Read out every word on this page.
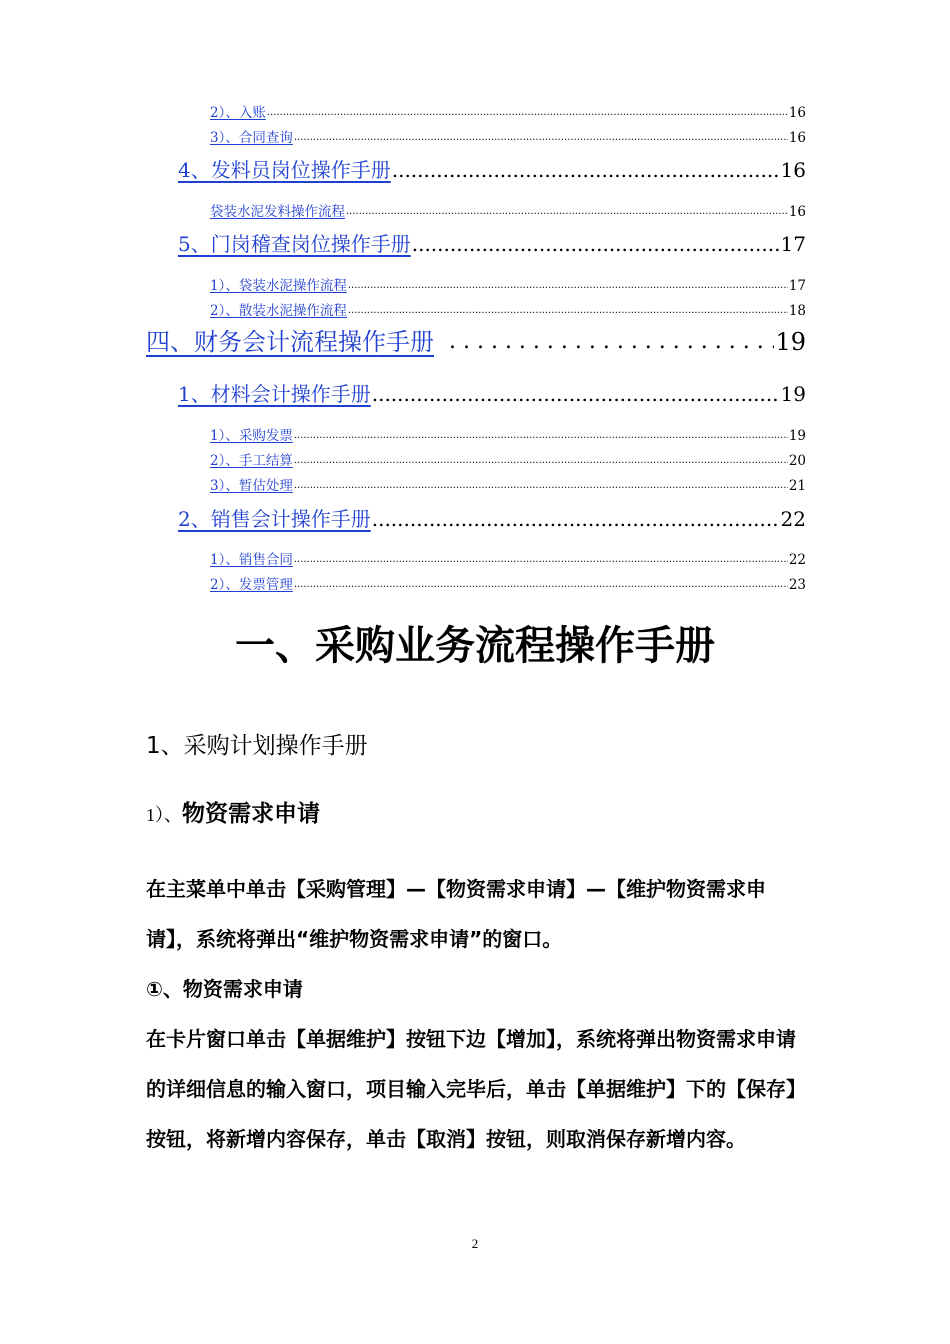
2）、入账 .....	16
3）、合同查询 .....	16
4、发料员岗位操作手册 .....	16
袋装水泥发料操作流程 .....	16
5、门岗稽查岗位操作手册 .....	17
1）、袋装水泥操作流程 .....	17
2）、散装水泥操作流程 .....	18
四、财务会计流程操作手册 . . .	19
1、材料会计操作手册 .....	19
1）、采购发票 .....	19
2）、手工结算 .....	20
3）、暂估处理 .....	21
2、销售会计操作手册 .....	22
1）、销售合同 .....	22
2）、发票管理 .....	23
一、采购业务流程操作手册
1、采购计划操作手册
1）、物资需求申请

在主菜单中单击【采购管理】—【物资需求申请】—【维护物资需求申请】，系统将弹出“维护物资需求申请”的窗口。

①、物资需求申请

在卡片窗口单击【单据维护】按钮下边【增加】，系统将弹出物资需求申请的详细信息的输入窗口，项目输入完毕后，单击【单据维护】下的【保存】按钮，将新增内容保存，单击【取消】按钮，则取消保存新增内容。

2
